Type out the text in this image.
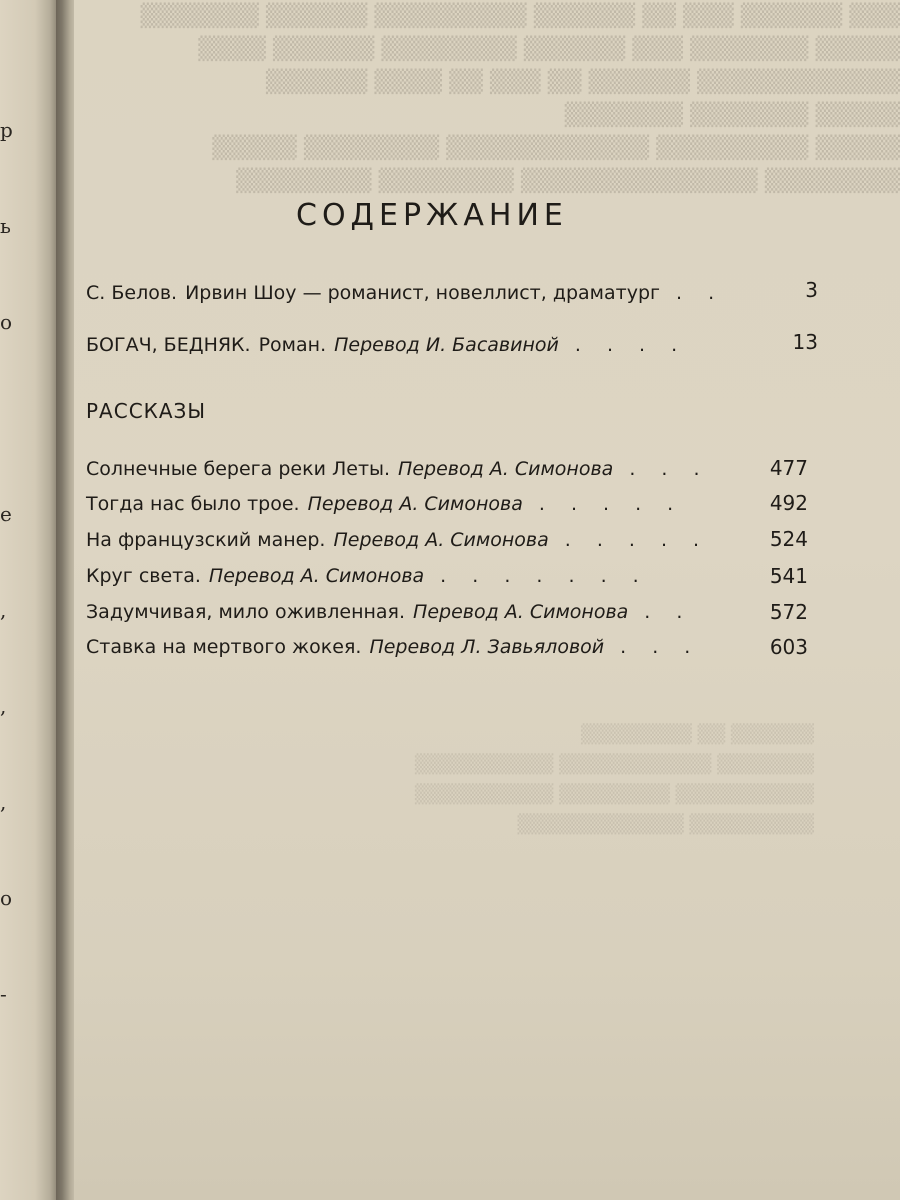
р

ь

о

е

,

,

,

о

-

▒▒▒ ▒▒▒▒▒▒ ▒▒▒ ▒▒ ▒▒▒▒▒▒ ▒▒▒▒▒▒▒▒▒ ▒▒▒▒▒▒ ▒▒▒▒▒▒▒
▒▒▒▒▒ ▒▒▒▒▒▒▒ ▒▒▒ ▒▒▒▒▒▒ ▒▒▒▒▒▒▒▒ ▒▒▒▒▒▒ ▒▒▒▒
▒▒▒▒▒▒▒▒▒▒▒▒ ▒▒▒▒▒▒ ▒▒ ▒▒▒ ▒▒ ▒▒▒▒ ▒▒▒▒▒▒
▒▒▒▒▒ ▒▒▒▒▒▒▒ ▒▒▒▒▒▒▒
▒▒▒▒▒ ▒▒▒▒▒▒▒▒▒ ▒▒▒▒▒▒▒▒▒▒▒▒ ▒▒▒▒▒▒▒▒ ▒▒▒▒▒
▒▒▒▒▒▒▒▒ ▒▒▒▒▒▒▒▒▒▒▒▒▒▒ ▒▒▒▒▒▒▒▒ ▒▒▒▒▒▒▒▒
▒▒▒▒▒▒ ▒▒ ▒▒▒▒▒▒▒▒
▒▒▒▒▒▒▒ ▒▒▒▒▒▒▒▒▒▒▒ ▒▒▒▒▒▒▒▒▒▒
▒▒▒▒▒▒▒▒▒▒ ▒▒▒▒▒▒▒▒ ▒▒▒▒▒▒▒▒▒▒
▒▒▒▒▒▒▒▒▒ ▒▒▒▒▒▒▒▒▒▒▒▒
СОДЕРЖАНИЕ
С. Белов. Ирвин Шоу — романист, новеллист, драматург . .	3
БОГАЧ, БЕДНЯК. Роман. Перевод И. Басавиной . . . .	13
РАССКАЗЫ
Солнечные берега реки Леты. Перевод А. Симонова . . .	477
Тогда нас было трое. Перевод А. Симонова . . . . .	492
На французский манер. Перевод А. Симонова . . . . .	524
Круг света. Перевод А. Симонова . . . . . . .	541
Задумчивая, мило оживленная. Перевод А. Симонова . .	572
Ставка на мертвого жокея. Перевод Л. Завьяловой . . .	603
